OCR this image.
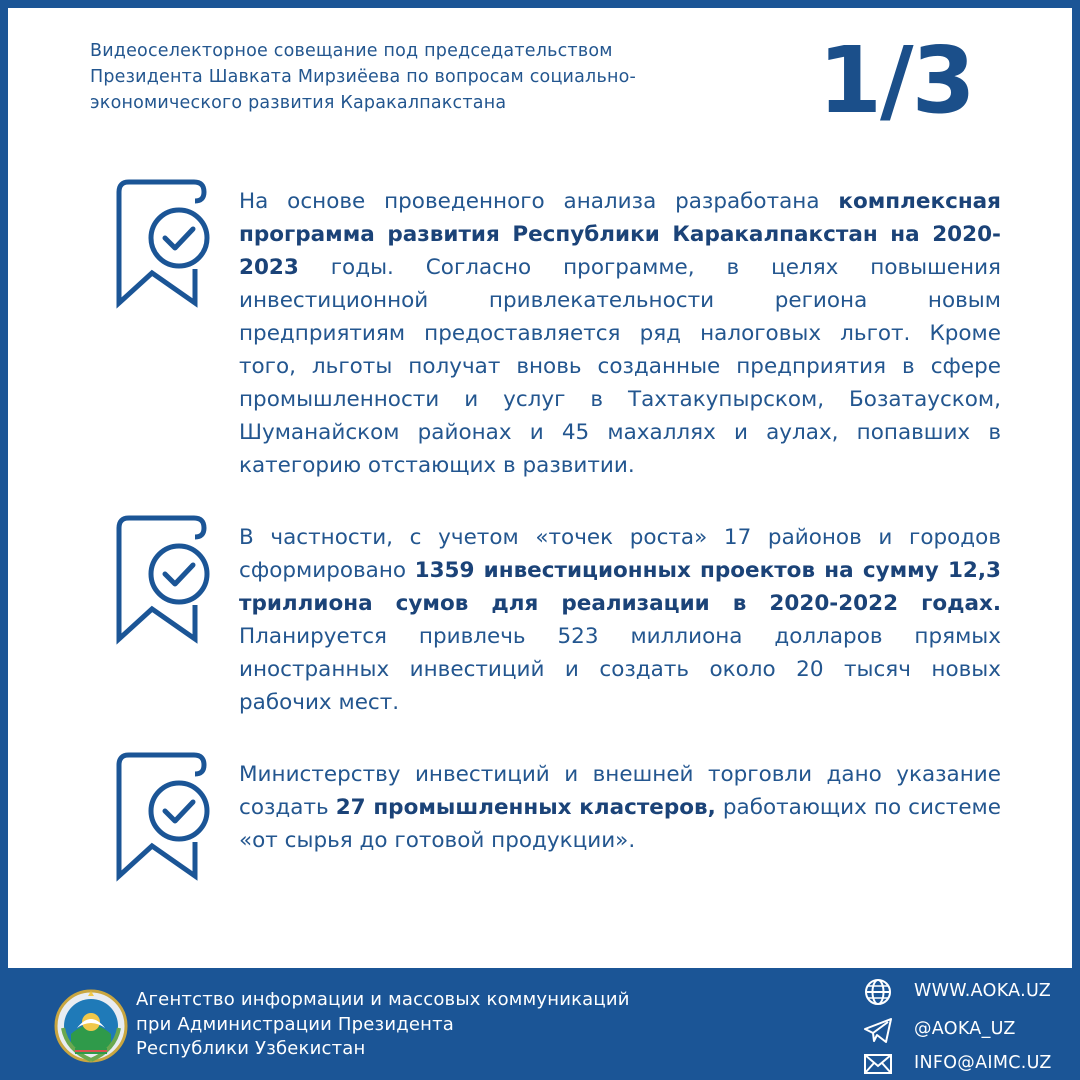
Видеоселекторное совещание под председательством
Президента Шавката Мирзиёева по вопросам социально-
экономического развития Каракалпакстана	1/3

На основе проведенного анализа разработана комплексная программа развития Республики Каракалпакстан на 2020-2023 годы. Согласно программе, в целях повышения инвестиционной привлекательности региона новым предприятиям предоставляется ряд налоговых льгот. Кроме того, льготы получат вновь созданные предприятия в сфере промышленности и услуг в Тахтакупырском, Бозатауском, Шуманайском районах и 45 махаллях и аулах, попавших в категорию отстающих в развитии.

В частности, с учетом «точек роста» 17 районов и городов сформировано 1359 инвестиционных проектов на сумму 12,3 триллиона сумов для реализации в 2020-2022 годах. Планируется привлечь 523 миллиона долларов прямых иностранных инвестиций и создать около 20 тысяч новых рабочих мест.

Министерству инвестиций и внешней торговли дано указание создать 27 промышленных кластеров, работающих по системе «от сырья до готовой продукции».

Агентство информации и массовых коммуникаций
при Администрации Президента
Республики Узбекистан
WWW.AOKA.UZ
@AOKA_UZ
INFO@AIMC.UZ
